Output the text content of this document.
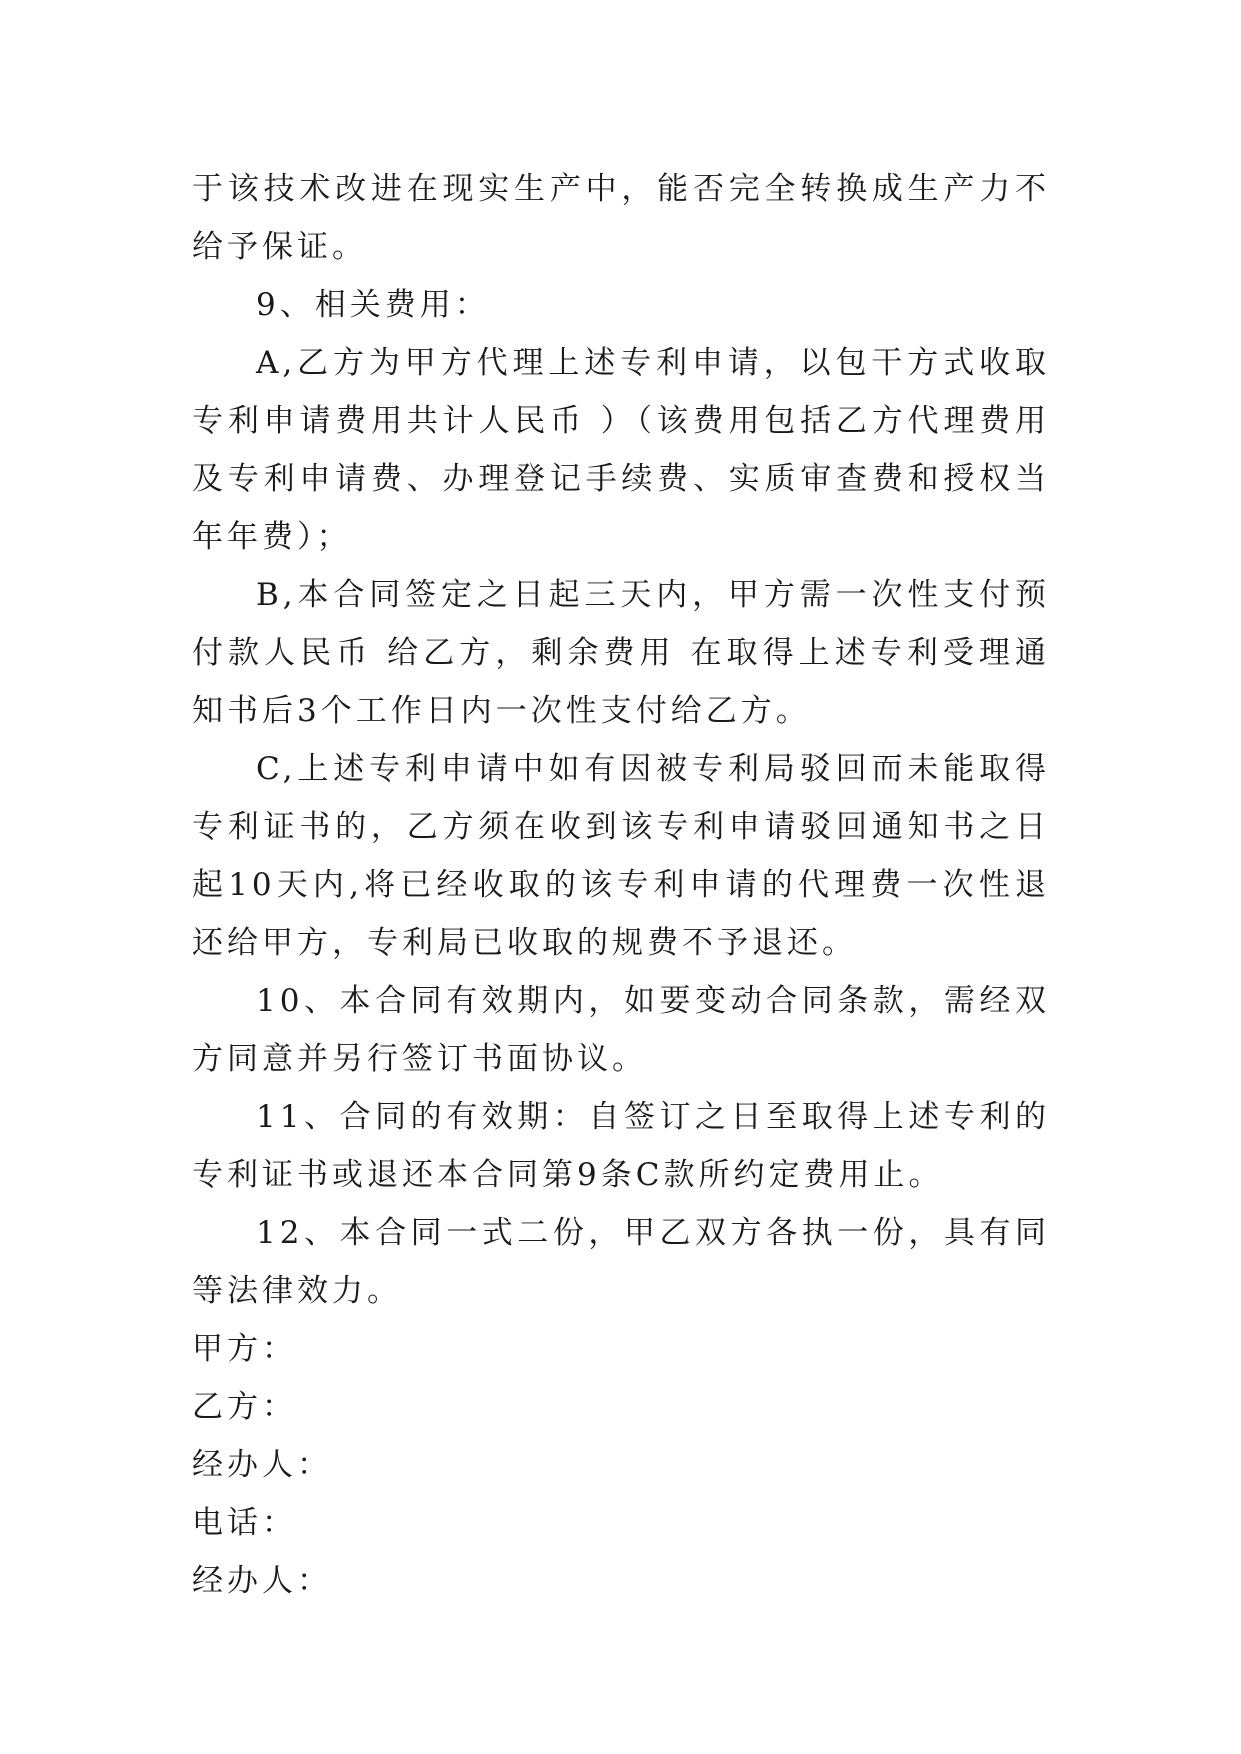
于该技术改进在现实生产中，能否完全转换成生产力不给予保证。

9、相关费用：

A,乙方为甲方代理上述专利申请，以包干方式收取专利申请费用共计人民币 ）（该费用包括乙方代理费用及专利申请费、办理登记手续费、实质审查费和授权当年年费）；

B,本合同签定之日起三天内，甲方需一次性支付预付款人民币 给乙方，剩余费用 在取得上述专利受理通知书后3个工作日内一次性支付给乙方。

C,上述专利申请中如有因被专利局驳回而未能取得专利证书的，乙方须在收到该专利申请驳回通知书之日起10天内,将已经收取的该专利申请的代理费一次性退还给甲方，专利局已收取的规费不予退还。

10、本合同有效期内，如要变动合同条款，需经双方同意并另行签订书面协议。

11、合同的有效期：自签订之日至取得上述专利的专利证书或退还本合同第9条C款所约定费用止。

12、本合同一式二份，甲乙双方各执一份，具有同等法律效力。

甲方：

乙方：

经办人：

电话：

经办人：
